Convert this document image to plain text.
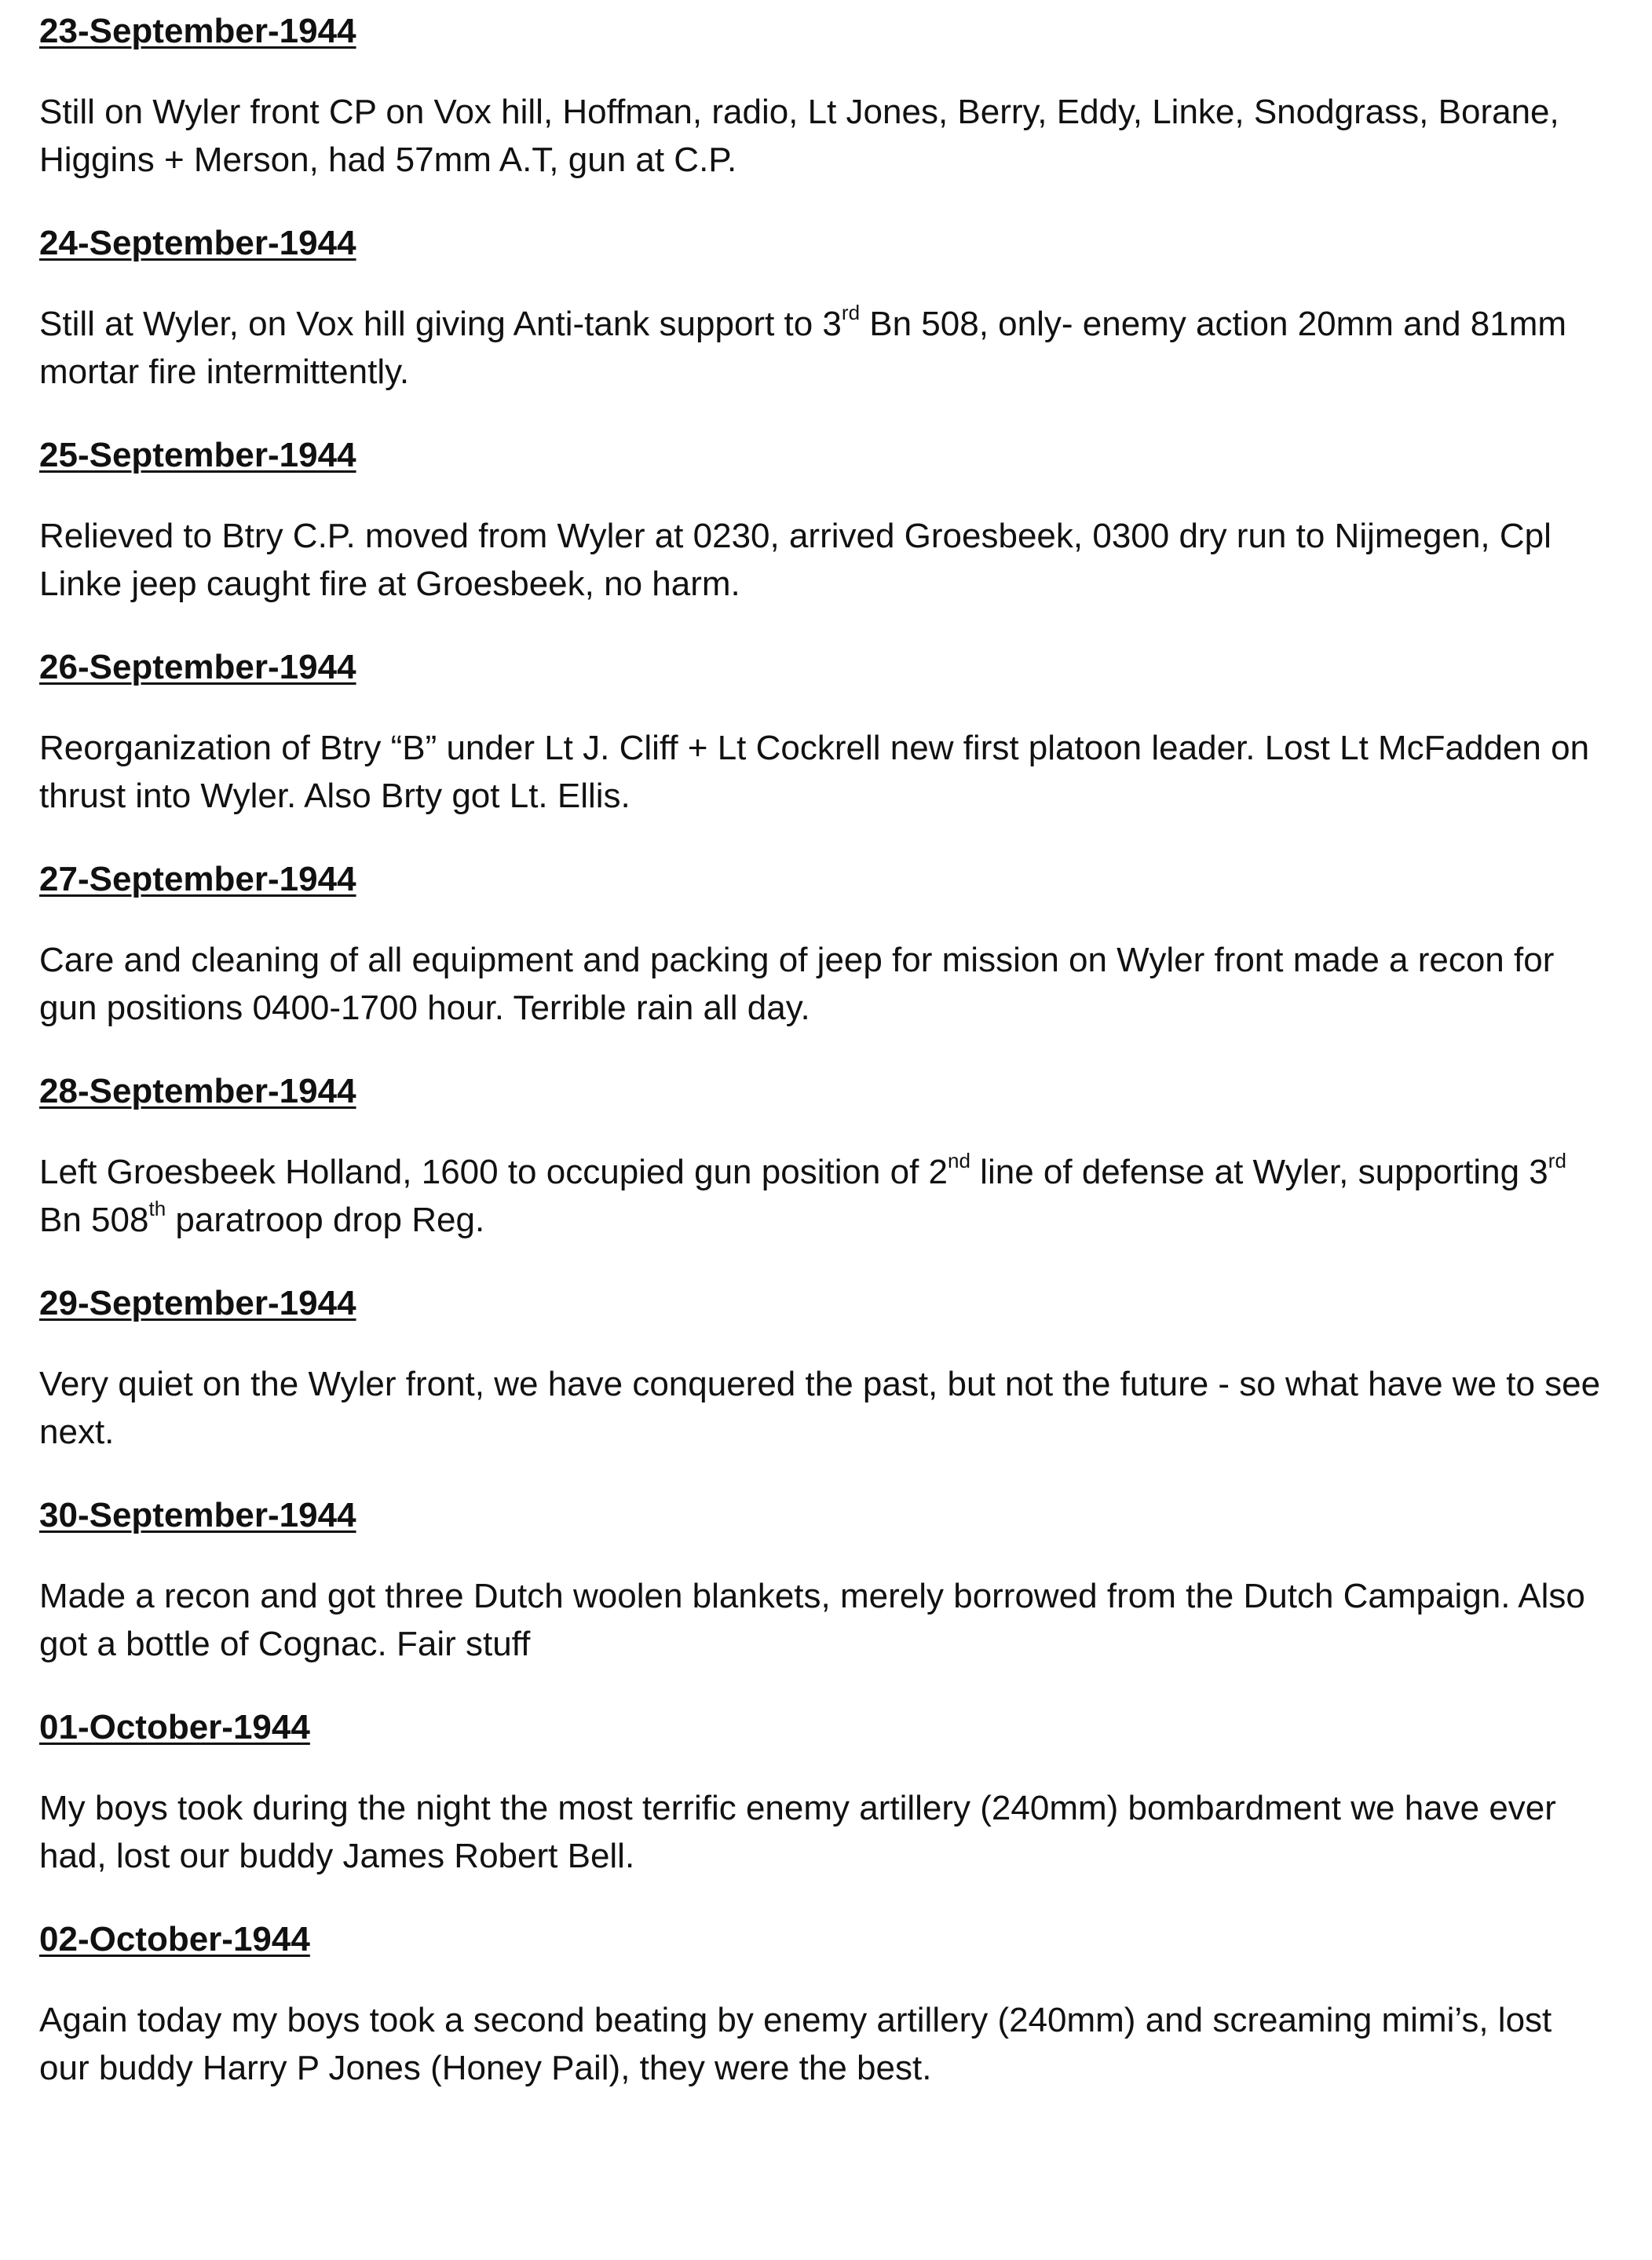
23-September-1944

Still on Wyler front CP on Vox hill, Hoffman, radio, Lt Jones, Berry, Eddy, Linke, Snodgrass, Borane, Higgins + Merson, had 57mm A.T, gun at C.P.

24-September-1944

Still at Wyler, on Vox hill giving Anti-tank support to 3rd Bn 508, only- enemy action 20mm and 81mm mortar fire intermittently.

25-September-1944

Relieved to Btry C.P. moved from Wyler at 0230, arrived Groesbeek, 0300 dry run to Nijmegen, Cpl Linke jeep caught fire at Groesbeek, no harm.

26-September-1944

Reorganization of Btry “B” under Lt J. Cliff + Lt Cockrell new first platoon leader. Lost Lt McFadden on thrust into Wyler. Also Brty got Lt. Ellis.

27-September-1944

Care and cleaning of all equipment and packing of jeep for mission on Wyler front made a recon for gun positions 0400-1700 hour. Terrible rain all day.

28-September-1944

Left Groesbeek Holland, 1600 to occupied gun position of 2nd line of defense at Wyler, supporting 3rd Bn 508th paratroop drop Reg.

29-September-1944

Very quiet on the Wyler front, we have conquered the past, but not the future - so what have we to see next.

30-September-1944

Made a recon and got three Dutch woolen blankets, merely borrowed from the Dutch Campaign. Also got a bottle of Cognac. Fair stuff

01-October-1944

My boys took during the night the most terrific enemy artillery (240mm) bombardment we have ever had, lost our buddy James Robert Bell.

02-October-1944

Again today my boys took a second beating by enemy artillery (240mm) and screaming mimi’s, lost our buddy Harry P Jones (Honey Pail), they were the best.
